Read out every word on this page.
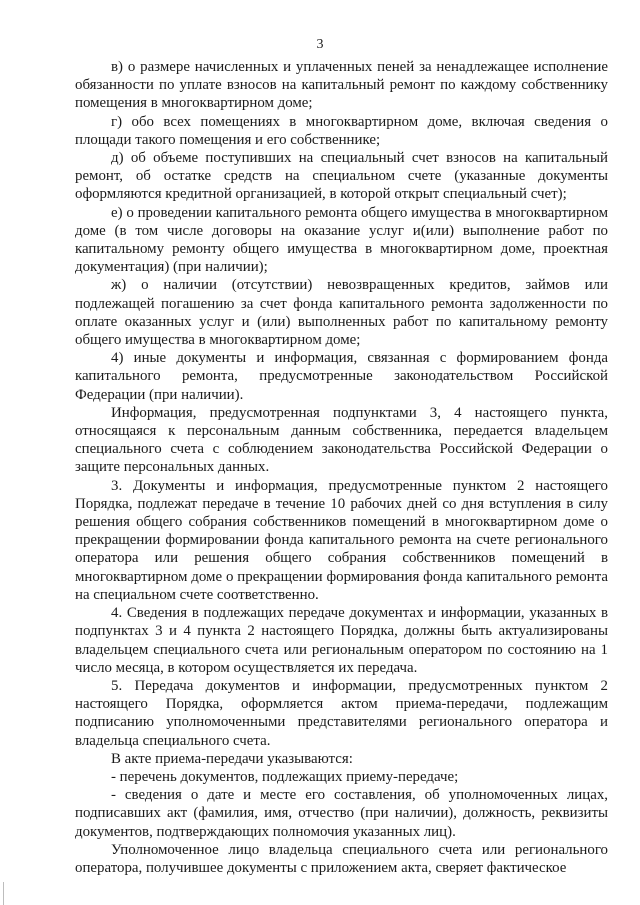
3

в) о размере начисленных и уплаченных пеней за ненадлежащее исполнение обязанности по уплате взносов на капитальный ремонт по каждому собственнику помещения в многоквартирном доме;

г) обо всех помещениях в многоквартирном доме, включая сведения о площади такого помещения и его собственнике;

д) об объеме поступивших на специальный счет взносов на капитальный ремонт, об остатке средств на специальном счете (указанные документы оформляются кредитной организацией, в которой открыт специальный счет);

е) о проведении капитального ремонта общего имущества в многоквартирном доме (в том числе договоры на оказание услуг и(или) выполнение работ по капитальному ремонту общего имущества в многоквартирном доме, проектная документация) (при наличии);

ж) о наличии (отсутствии) невозвращенных кредитов, займов или подлежащей погашению за счет фонда капитального ремонта задолженности по оплате оказанных услуг и (или) выполненных работ по капитальному ремонту общего имущества в многоквартирном доме;

4) иные документы и информация, связанная с формированием фонда капитального ремонта, предусмотренные законодательством Российской Федерации (при наличии).

Информация, предусмотренная подпунктами 3, 4 настоящего пункта, относящаяся к персональным данным собственника, передается владельцем специального счета с соблюдением законодательства Российской Федерации о защите персональных данных.

3. Документы и информация, предусмотренные пунктом 2 настоящего Порядка, подлежат передаче в течение 10 рабочих дней со дня вступления в силу решения общего собрания собственников помещений в многоквартирном доме о прекращении формировании фонда капитального ремонта на счете регионального оператора или решения общего собрания собственников помещений в многоквартирном доме о прекращении формирования фонда капитального ремонта на специальном счете соответственно.

4. Сведения в подлежащих передаче документах и информации, указанных в подпунктах 3 и 4 пункта 2 настоящего Порядка, должны быть актуализированы владельцем специального счета или региональным оператором по состоянию на 1 число месяца, в котором осуществляется их передача.

5. Передача документов и информации, предусмотренных пунктом 2 настоящего Порядка, оформляется актом приема-передачи, подлежащим подписанию уполномоченными представителями регионального оператора и владельца специального счета.

В акте приема-передачи указываются:

- перечень документов, подлежащих приему-передаче;

- сведения о дате и месте его составления, об уполномоченных лицах, подписавших акт (фамилия, имя, отчество (при наличии), должность, реквизиты документов, подтверждающих полномочия указанных лиц).

Уполномоченное лицо владельца специального счета или регионального оператора, получившее документы с приложением акта, сверяет фактическое
